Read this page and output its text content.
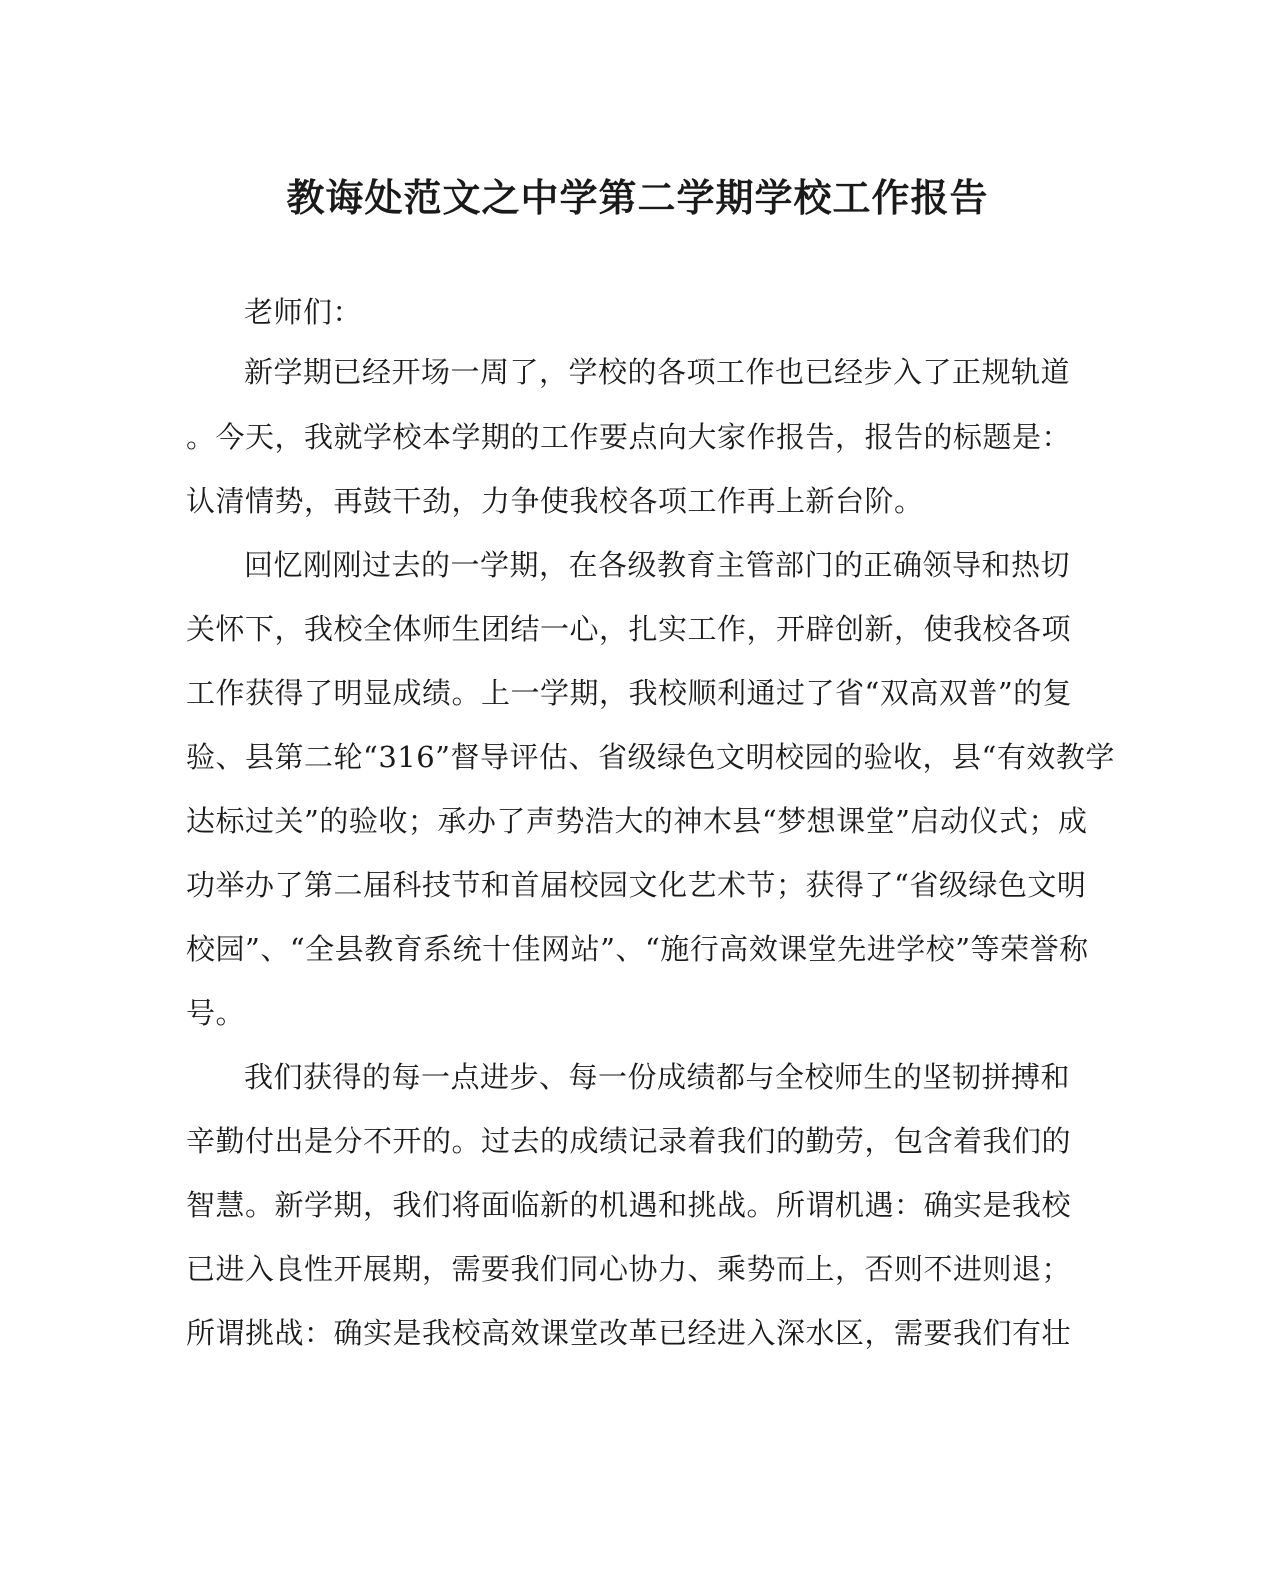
教诲处范文之中学第二学期学校工作报告
老师们：
新学期已经开场一周了，学校的各项工作也已经步入了正规轨道
。今天，我就学校本学期的工作要点向大家作报告，报告的标题是：
认清情势，再鼓干劲，力争使我校各项工作再上新台阶。
回忆刚刚过去的一学期，在各级教育主管部门的正确领导和热切
关怀下，我校全体师生团结一心，扎实工作，开辟创新，使我校各项
工作获得了明显成绩。上一学期，我校顺利通过了省“双高双普”的复
验、县第二轮“316”督导评估、省级绿色文明校园的验收，县“有效教学
达标过关”的验收；承办了声势浩大的神木县“梦想课堂”启动仪式；成
功举办了第二届科技节和首届校园文化艺术节；获得了“省级绿色文明
校园”、“全县教育系统十佳网站”、“施行高效课堂先进学校”等荣誉称
号。
我们获得的每一点进步、每一份成绩都与全校师生的坚韧拼搏和
辛勤付出是分不开的。过去的成绩记录着我们的勤劳，包含着我们的
智慧。新学期，我们将面临新的机遇和挑战。所谓机遇：确实是我校
已进入良性开展期，需要我们同心协力、乘势而上，否则不进则退；
所谓挑战：确实是我校高效课堂改革已经进入深水区，需要我们有壮
